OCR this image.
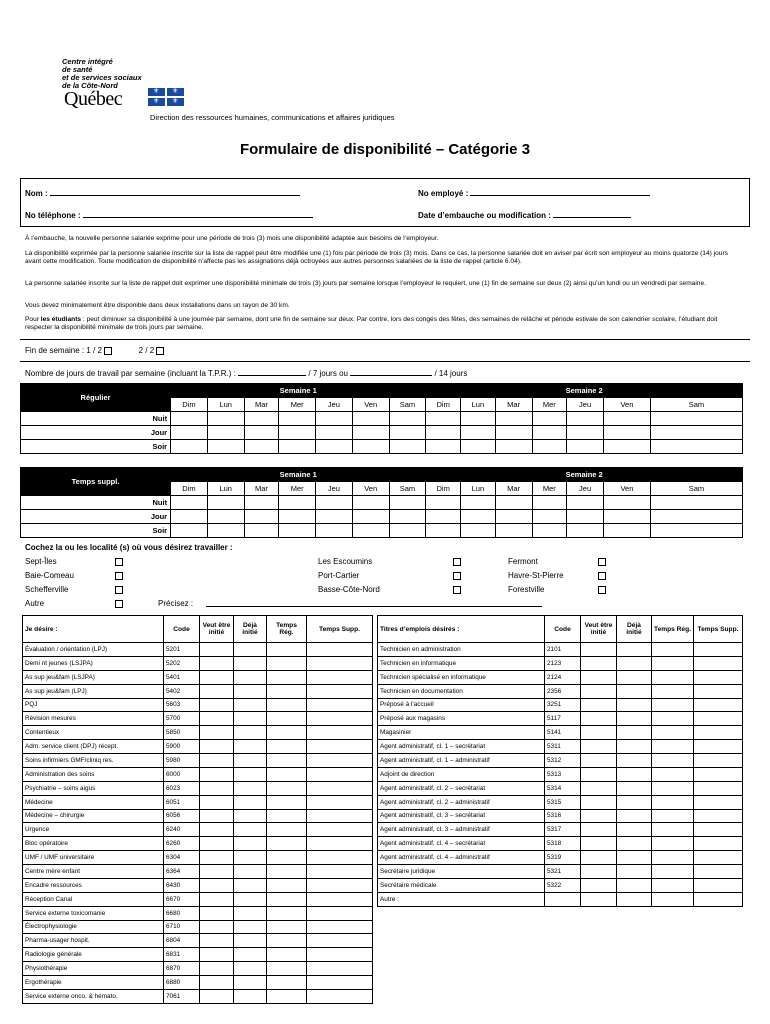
Centre intégré
de santé
et de services sociaux
de la Côte-Nord
Québec	⚜ ⚜
⚜ ⚜
Direction des ressources humaines, communications et affaires juridiques
Formulaire de disponibilité – Catégorie 3
Nom :	No employé :
No téléphone :	Date d’embauche ou modification :
À l’embauche, la nouvelle personne salariée exprime pour une période de trois (3) mois une disponibilité adaptée aux besoins de l’employeur.
La disponibilité exprimée par la personne salariée inscrite sur la liste de rappel peut être modifiée une (1) fois par période de trois (3) mois. Dans ce cas, la personne salariée doit en aviser par écrit son employeur au moins quatorze (14) jours avant cette modification. Toute modification de disponibilité n’affecte pas les assignations déjà octroyées aux autres personnes salariées de la liste de rappel (article 6.04).
La personne salariée inscrite sur la liste de rappel doit exprimer une disponibilité minimale de trois (3) jours par semaine lorsque l’employeur le requiert, une (1) fin de semaine sur deux (2) ainsi qu’un lundi ou un vendredi par semaine.
Vous devez minimalement être disponible dans deux installations dans un rayon de 30 km.
Pour les étudiants : peut diminuer sa disponibilité à une journée par semaine, dont une fin de semaine sur deux. Par contre, lors des congés des fêtes, des semaines de relâche et période estivale de son calendrier scolaire, l’étudiant doit respecter la disponibilité minimale de trois jours par semaine.
Fin de semaine : 1 / 2	2 / 2
Nombre de jours de travail par semaine (incluant la T.P.R.) :	/ 7 jours ou	/ 14 jours
Régulier	Semaine 1							Semaine 2						
	Dim	Lun	Mar	Mer	Jeu	Ven	Sam	Dim	Lun	Mar	Mer	Jeu	Ven	Sam
Nuit														
Jour														
Soir														
Temps suppl.	Semaine 1							Semaine 2						
	Dim	Lun	Mar	Mer	Jeu	Ven	Sam	Dim	Lun	Mar	Mer	Jeu	Ven	Sam
Nuit														
Jour														
Soir														
Cochez la ou les localité (s) où vous désirez travailler :
Sept-Îles
Baie-Comeau
Schefferville
Autre	Précisez :
Les Escoumins
Port-Cartier
Basse-Côte-Nord
Fermont
Havre-St-Pierre
Forestville
Je désire :	Code	Veut être initié	Déjà initié	Temps Rég.	Temps Supp.
Évaluation / orientation (LPJ)	5201				
Demi nt jeunes (LSJPA)	5202				
As sup jeu&fam (LSJPA)	5401				
As sup jeu&fam (LPJ)	5402				
PQJ	5603				
Révision mesures	5700				
Contentieux	5850				
Adm. service client (DPJ) récept.	5900				
Soins infirmiers GMF/cliniq res.	5980				
Administration des soins	6000				
Psychiatrie – soins aigus	6023				
Médecine	6051				
Médecine – chirurgie	6056				
Urgence	6240				
Bloc opératoire	6260				
UMF / UMF universitaire	6304				
Centre mère enfant	6364				
Encadre ressources	6430				
Réception Canal	6670				
Service externe toxicomanie	6680				
Électrophysiologie	6710				
Pharma-usager hospit.	6804				
Radiologie générale	6831				
Physiothérapie	6870				
Ergothérapie	6880				
Service externe onco. & hémato.	7061				
Titres d’emplois désirés :	Code	Veut être initié	Déjà initié	Temps Rég.	Temps Supp.
Technicien en administration	2101				
Technicien en informatique	2123				
Technicien spécialisé en informatique	2124				
Technicien en documentation	2356				
Préposé à l’accueil	3251				
Préposé aux magasins	5117				
Magasinier	5141				
Agent administratif, cl. 1 – secrétariat	5311				
Agent administratif, cl. 1 – administratif	5312				
Adjoint de direction	5313				
Agent administratif, cl. 2 – secrétariat	5314				
Agent administratif, cl. 2 – administratif	5315				
Agent administratif, cl. 3 – secrétariat	5316				
Agent administratif, cl. 3 – administratif	5317				
Agent administratif, cl. 4 – secrétariat	5318				
Agent administratif, cl. 4 – administratif	5319				
Secrétaire juridique	5321				
Secrétaire médicale	5322				
Autre :					
